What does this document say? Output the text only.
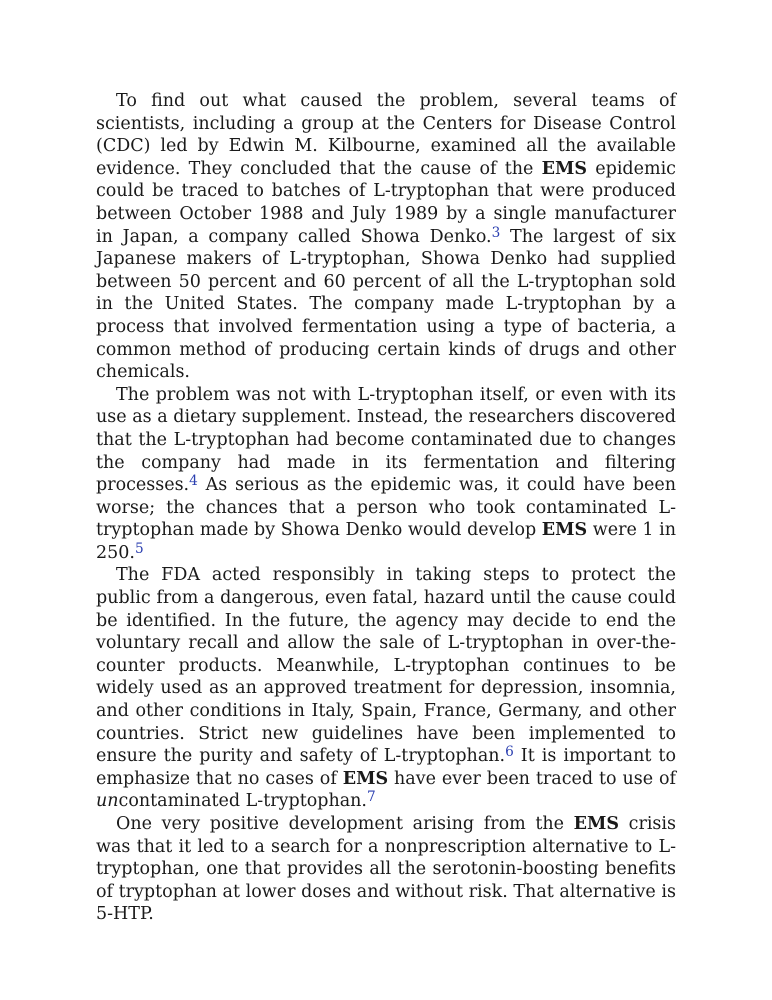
To find out what caused the problem, several teams of scientists, including a group at the Centers for Disease Control (CDC) led by Edwin M. Kilbourne, examined all the available evidence. They concluded that the cause of the EMS epidemic could be traced to batches of L-tryptophan that were produced between October 1988 and July 1989 by a single manufacturer in Japan, a company called Showa Denko.$^3$ The largest of six Japanese makers of L-tryptophan, Showa Denko had supplied between 50 percent and 60 percent of all the L-tryptophan sold in the United States. The company made L-tryptophan by a process that involved fermentation using a type of bacteria, a common method of producing certain kinds of drugs and other chemicals.

The problem was not with L-tryptophan itself, or even with its use as a dietary supplement. Instead, the researchers discovered that the L-tryptophan had become contaminated due to changes the company had made in its fermentation and filtering processes.$^4$ As serious as the epidemic was, it could have been worse; the chances that a person who took contaminated L-tryptophan made by Showa Denko would develop EMS were 1 in 250.$^5$

The FDA acted responsibly in taking steps to protect the public from a dangerous, even fatal, hazard until the cause could be identified. In the future, the agency may decide to end the voluntary recall and allow the sale of L-tryptophan in over-the-counter products. Meanwhile, L-tryptophan continues to be widely used as an approved treatment for depression, insomnia, and other conditions in Italy, Spain, France, Germany, and other countries. Strict new guidelines have been implemented to ensure the purity and safety of L-tryptophan.$^6$ It is important to emphasize that no cases of EMS have ever been traced to use of uncontaminated L-tryptophan.$^7$

One very positive development arising from the EMS crisis was that it led to a search for a nonprescription alternative to L-tryptophan, one that provides all the serotonin-boosting benefits of tryptophan at lower doses and without risk. That alternative is 5-HTP.
